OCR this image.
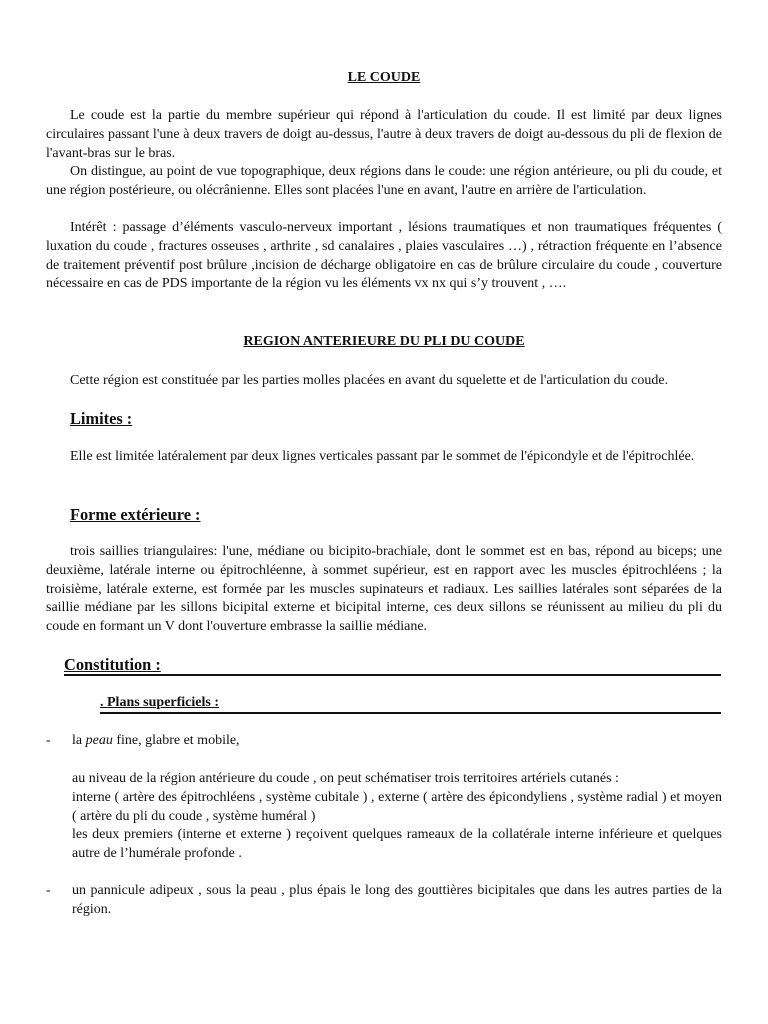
LE COUDE

Le coude est la partie du membre supérieur qui répond à l'articulation du coude. Il est limité par deux lignes circulaires passant l'une à deux travers de doigt au-dessus, l'autre à deux travers de doigt au-dessous du pli de flexion de l'avant-bras sur le bras.

On distingue, au point de vue topographique, deux régions dans le coude: une région antérieure, ou pli du coude, et une région postérieure, ou olécrânienne. Elles sont placées l'une en avant, l'autre en arrière de l'articulation.

Intérêt : passage d’éléments vasculo-nerveux important , lésions traumatiques et non traumatiques fréquentes ( luxation du coude , fractures osseuses , arthrite , sd canalaires , plaies vasculaires …) , rétraction fréquente en l’absence de traitement préventif post brûlure ,incision de décharge obligatoire en cas de brûlure circulaire du coude , couverture nécessaire en cas de PDS importante de la région vu les éléments vx nx qui s’y trouvent , ….

REGION ANTERIEURE DU PLI DU COUDE

Cette région est constituée par les parties molles placées en avant du squelette et de l'articulation du coude.

Limites :

Elle est limitée latéralement par deux lignes verticales passant par le sommet de l'épicondyle et de l'épitrochlée.

Forme extérieure :

trois saillies triangulaires: l'une, médiane ou bicipito-brachiale, dont le sommet est en bas, répond au biceps; une deuxième, latérale interne ou épitrochléenne, à sommet supérieur, est en rapport avec les muscles épitrochléens ; la troisième, latérale externe, est formée par les muscles supinateurs et radiaux. Les saillies latérales sont séparées de la saillie médiane par les sillons bicipital externe et bicipital interne, ces deux sillons se réunissent au milieu du pli du coude en formant un V dont l'ouverture embrasse la saillie médiane.

Constitution :
. Plans superficiels :
-	la peau fine, glabre et mobile,

au niveau de la région antérieure du coude , on peut schématiser trois territoires artériels cutanés :

interne ( artère des épitrochléens , système cubitale ) , externe ( artère des épicondyliens , système radial ) et moyen ( artère du pli du coude , système huméral )

les deux premiers (interne et externe ) reçoivent quelques rameaux de la collatérale interne inférieure et quelques autre de l’humérale profonde .

-	un pannicule adipeux , sous la peau , plus épais le long des gouttières bicipitales que dans les autres parties de la région.
